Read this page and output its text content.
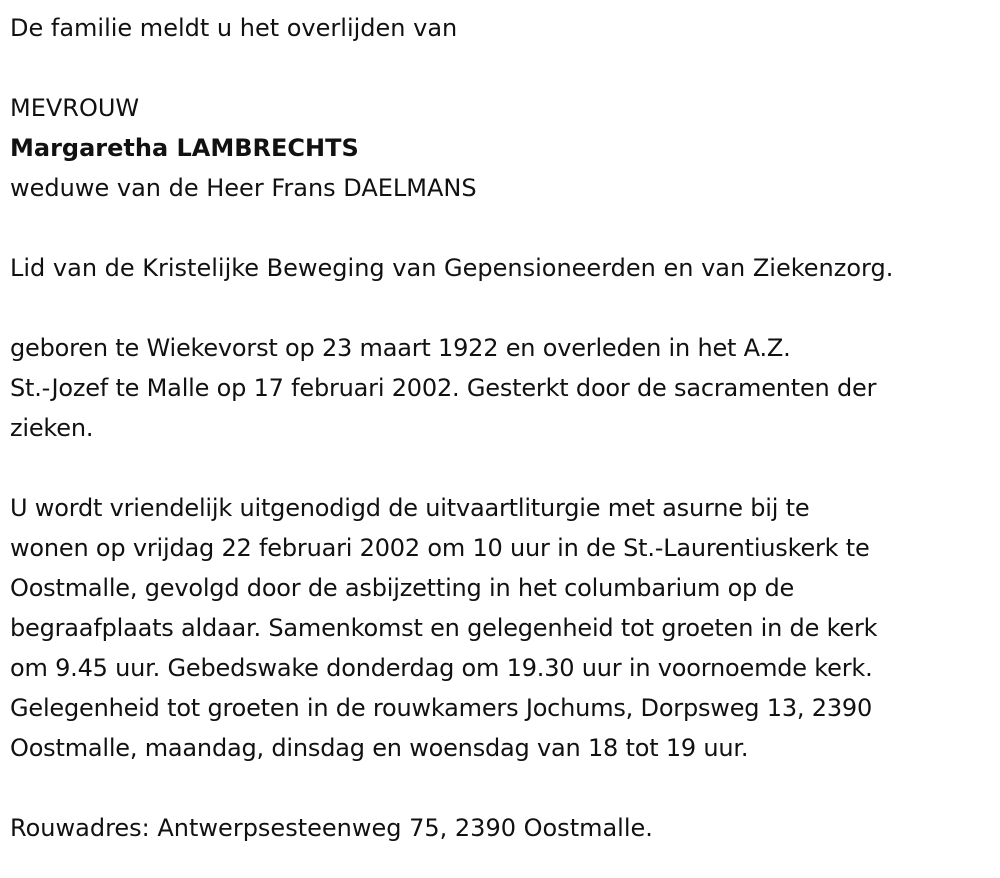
De familie meldt u het overlijden van
MEVROUW
Margaretha LAMBRECHTS
weduwe van de Heer Frans DAELMANS
Lid van de Kristelijke Beweging van Gepensioneerden en van Ziekenzorg.
geboren te Wiekevorst op 23 maart 1922 en overleden in het A.Z.
St.-Jozef te Malle op 17 februari 2002. Gesterkt door de sacramenten der
zieken.
U wordt vriendelijk uitgenodigd de uitvaartliturgie met asurne bij te
wonen op vrijdag 22 februari 2002 om 10 uur in de St.-Laurentiuskerk te
Oostmalle, gevolgd door de asbijzetting in het columbarium op de
begraafplaats aldaar. Samenkomst en gelegenheid tot groeten in de kerk
om 9.45 uur. Gebedswake donderdag om 19.30 uur in voornoemde kerk.
Gelegenheid tot groeten in de rouwkamers Jochums, Dorpsweg 13, 2390
Oostmalle, maandag, dinsdag en woensdag van 18 tot 19 uur.
Rouwadres: Antwerpsesteenweg 75, 2390 Oostmalle.
